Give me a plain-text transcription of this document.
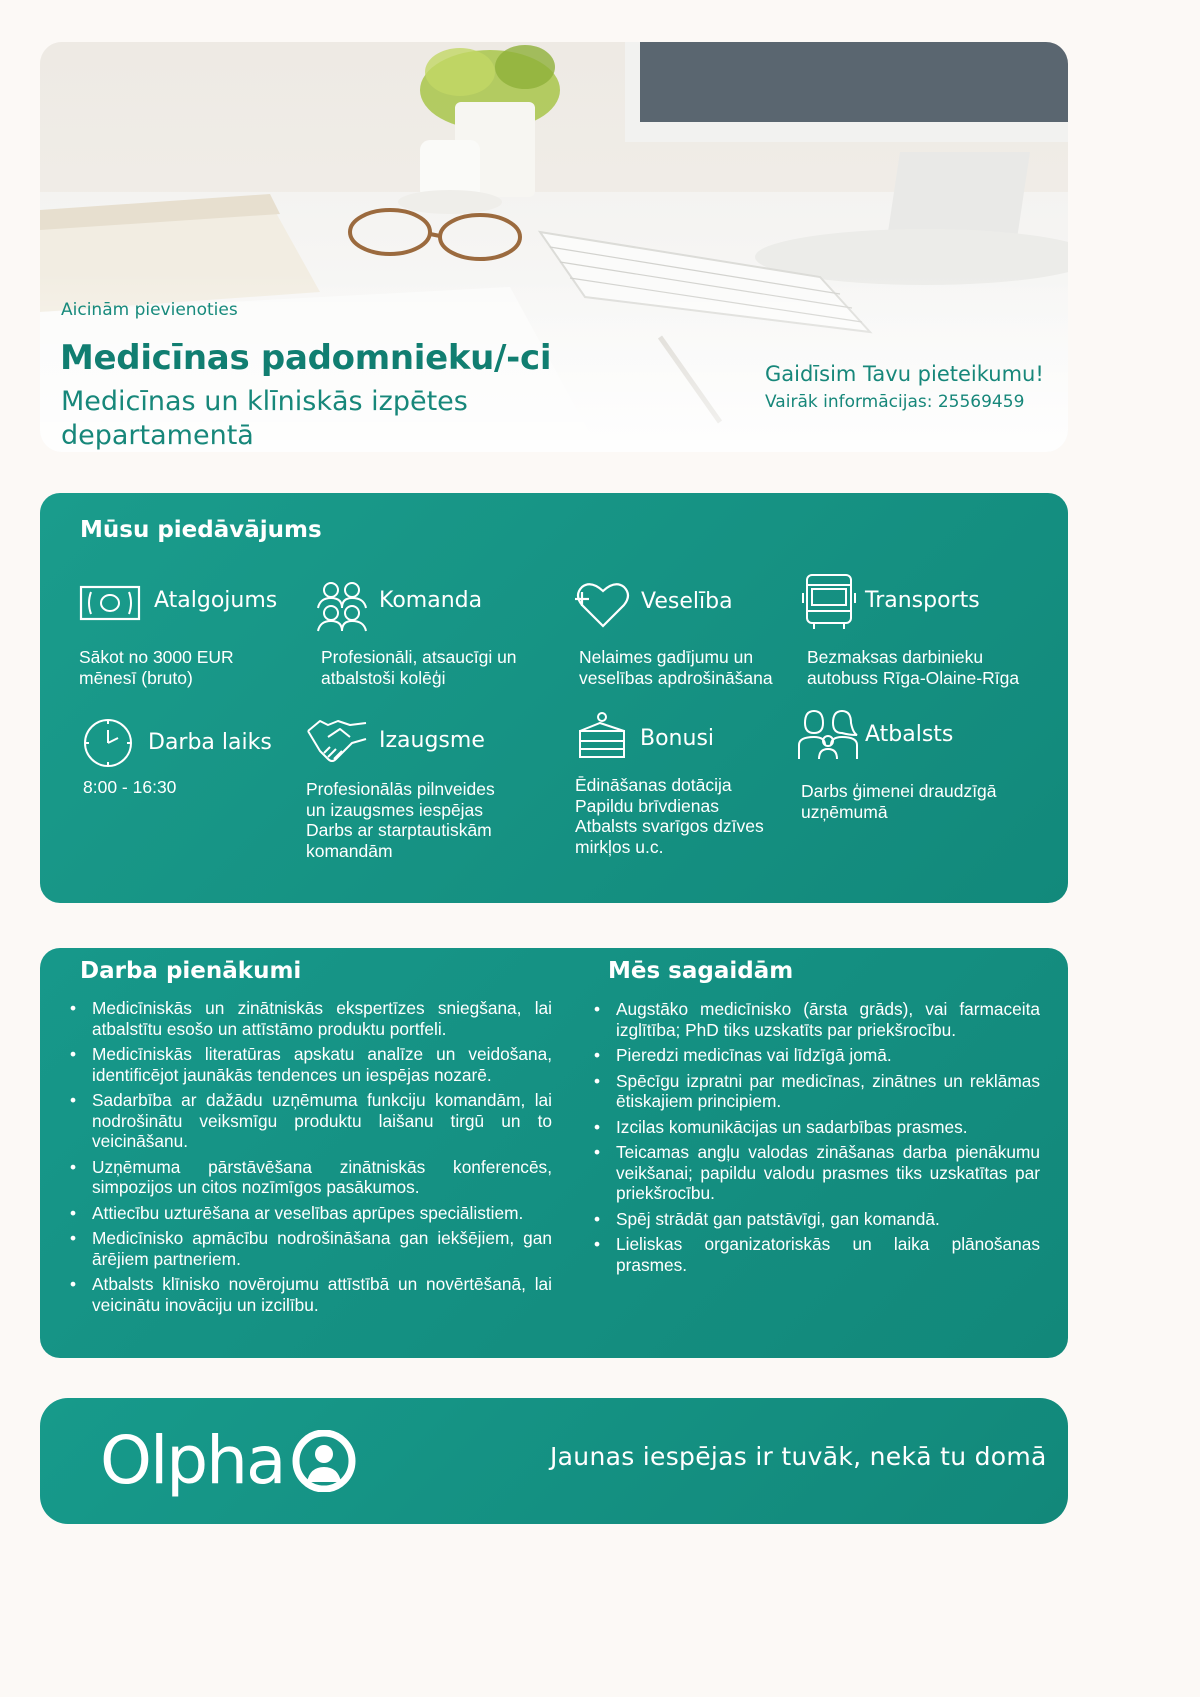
Aicinām pievienoties
Medicīnas padomnieku/-ci
Medicīnas un klīniskās izpētes departamentā
Gaidīsim Tavu pieteikumu!
Vairāk informācijas: 25569459
Mūsu piedāvājums
Atalgojums
Sākot no 3000 EUR
mēnesī (bruto)
Komanda
Profesionāli, atsaucīgi un
atbalstoši kolēģi
Veselība
Nelaimes gadījumu un
veselības apdrošināšana
Transports
Bezmaksas darbinieku
autobuss Rīga-Olaine-Rīga
Darba laiks
8:00 - 16:30
Izaugsme
Profesionālās pilnveides
un izaugsmes iespējas
Darbs ar starptautiskām
komandām
Bonusi
Ēdināšanas dotācija
Papildu brīvdienas
Atbalsts svarīgos dzīves
mirkļos u.c.
Atbalsts
Darbs ģimenei draudzīgā
uzņēmumā
Darba pienākumi
• Medicīniskās un zinātniskās ekspertīzes sniegšana, lai atbalstītu esošo un attīstāmo produktu portfeli.
• Medicīniskās literatūras apskatu analīze un veidošana, identificējot jaunākās tendences un iespējas nozarē.
• Sadarbība ar dažādu uzņēmuma funkciju komandām, lai nodrošinātu veiksmīgu produktu laišanu tirgū un to veicināšanu.
• Uzņēmuma pārstāvēšana zinātniskās konferencēs, simpozijos un citos nozīmīgos pasākumos.
• Attiecību uzturēšana ar veselības aprūpes speciālistiem.
• Medicīnisko apmācību nodrošināšana gan iekšējiem, gan ārējiem partneriem.
• Atbalsts klīnisko novērojumu attīstībā un novērtēšanā, lai veicinātu inovāciju un izcilību.
Mēs sagaidām
• Augstāko medicīnisko (ārsta grāds), vai farmaceita izglītība; PhD tiks uzskatīts par priekšrocību.
• Pieredzi medicīnas vai līdzīgā jomā.
• Spēcīgu izpratni par medicīnas, zinātnes un reklāmas ētiskajiem principiem.
• Izcilas komunikācijas un sadarbības prasmes.
• Teicamas angļu valodas zināšanas darba pienākumu veikšanai; papildu valodu prasmes tiks uzskatītas par priekšrocību.
• Spēj strādāt gan patstāvīgi, gan komandā.
• Lieliskas organizatoriskās un laika plānošanas prasmes.
Olpha	Jaunas iespējas ir tuvāk, nekā tu domā
